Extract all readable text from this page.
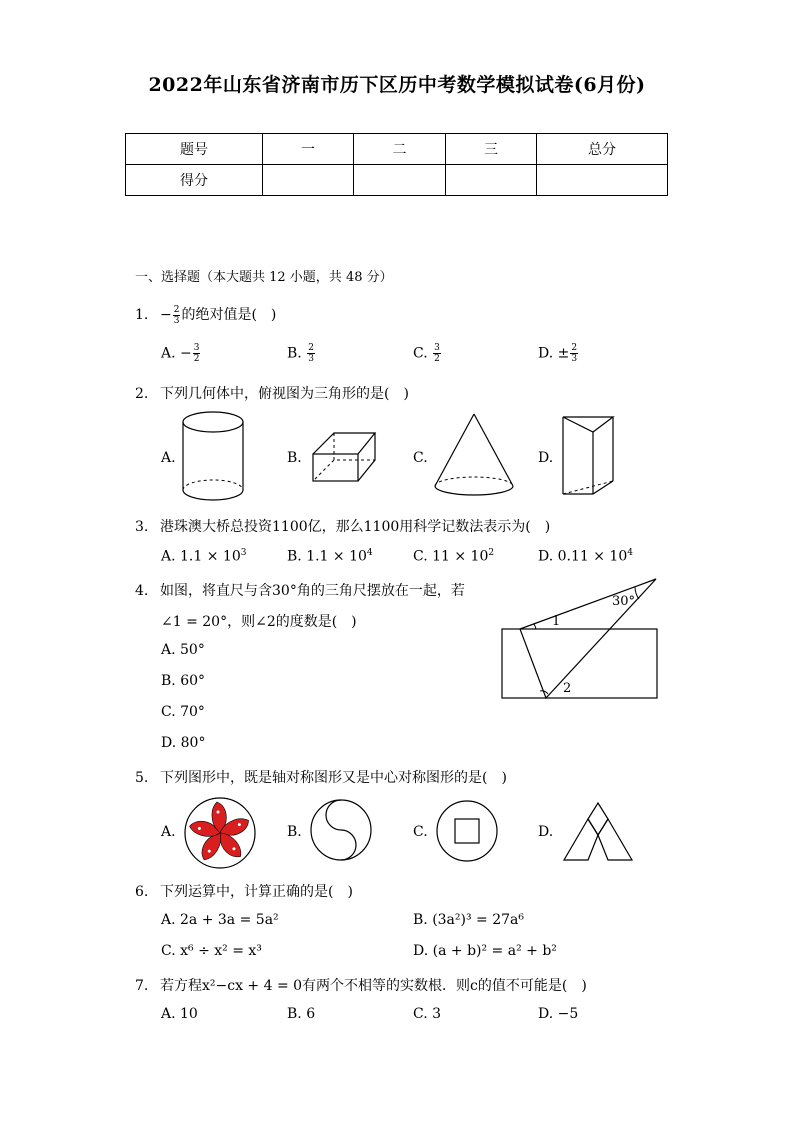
2022年山东省济南市历下区历中考数学模拟试卷(6月份)
题号	一	二	三	总分
得分				
一、选择题（本大题共 12 小题，共 48 分）
1. − $\frac{2}{3}$ 的绝对值是(　)
A. − $\frac{3}{2}$	B. $\frac{2}{3}$	C. $\frac{3}{2}$	D. ± $\frac{2}{3}$
2. 下列几何体中，俯视图为三角形的是(　)
A.	B.	C.	D.
3. 港珠澳大桥总投资1100亿，那么1100用科学记数法表示为(　)
A. $1.1 \times 10^3$	B. $1.1 \times 10^4$	C. $11 \times 10^2$	D. $0.11 \times 10^4$
4. 如图，将直尺与含30°角的三角尺摆放在一起，若
∠1 = 20°，则∠2的度数是(　)
A. 50°
B. 60°
C. 70°
D. 80°
30°
1
2
5. 下列图形中，既是轴对称图形又是中心对称图形的是(　)
A.	B.	C.	D.
6. 下列运算中，计算正确的是(　)
A. 2a + 3a = 5a²	B. (3a²)³ = 27a⁶
C. x⁶ ÷ x² = x³	D. (a + b)² = a² + b²
7. 若方程x²−cx + 4 = 0有两个不相等的实数根．则c的值不可能是(　)
A. 10	B. 6	C. 3	D. −5
